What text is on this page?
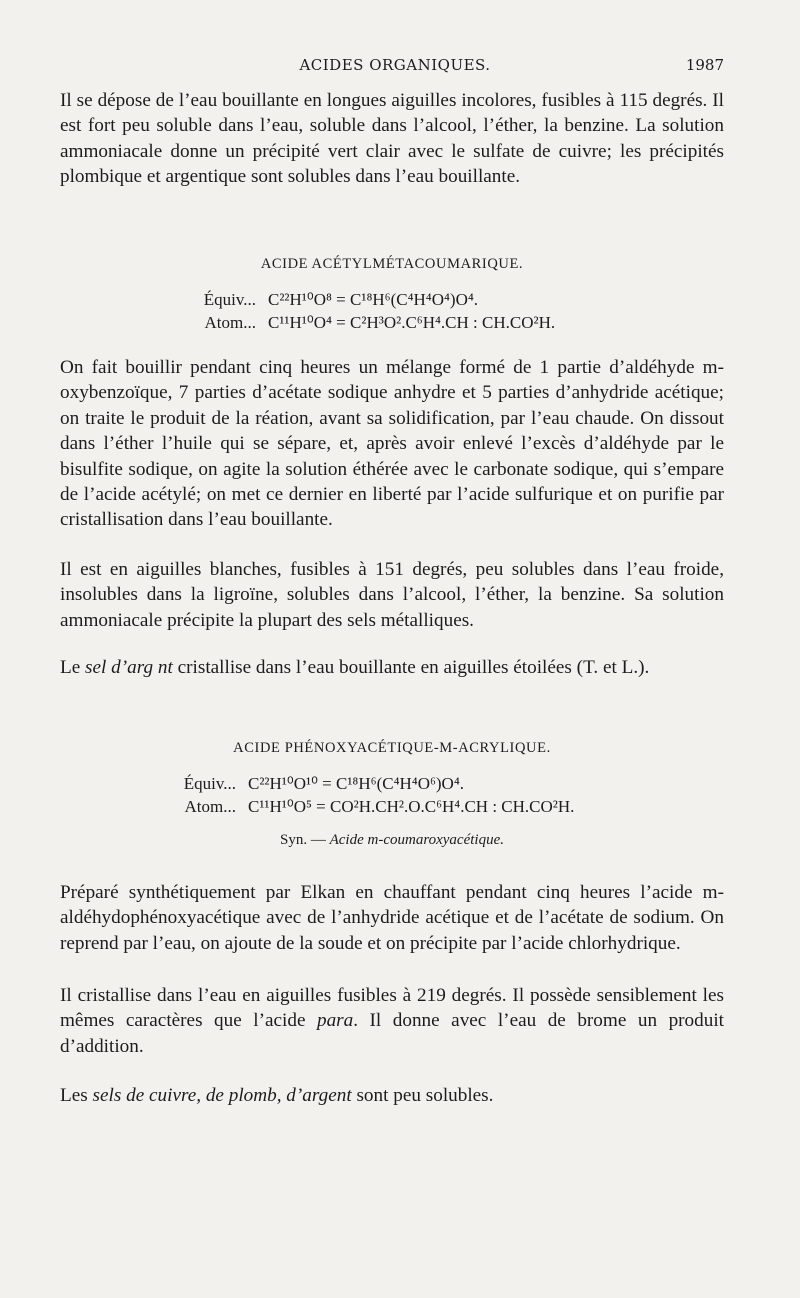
ACIDES ORGANIQUES.	1987
Il se dépose de l’eau bouillante en longues aiguilles incolores, fusibles à 115 degrés. Il est fort peu soluble dans l’eau, soluble dans l’alcool, l’éther, la benzine. La solution ammoniacale donne un précipité vert clair avec le sulfate de cuivre; les précipités plombique et argentique sont solubles dans l’eau bouillante.
ACIDE ACÉTYLMÉTACOUMARIQUE.
Équiv... C²²H¹⁰O⁸ = C¹⁸H⁶(C⁴H⁴O⁴)O⁴.
Atom... C¹¹H¹⁰O⁴ = C²H³O².C⁶H⁴.CH : CH.CO²H.
On fait bouillir pendant cinq heures un mélange formé de 1 partie d’aldéhyde m-oxybenzoïque, 7 parties d’acétate sodique anhydre et 5 parties d’anhydride acétique; on traite le produit de la réation, avant sa solidification, par l’eau chaude. On dissout dans l’éther l’huile qui se sépare, et, après avoir enlevé l’excès d’aldéhyde par le bisulfite sodique, on agite la solution éthérée avec le carbonate sodique, qui s’empare de l’acide acétylé; on met ce dernier en liberté par l’acide sulfurique et on purifie par cristallisation dans l’eau bouillante.
Il est en aiguilles blanches, fusibles à 151 degrés, peu solubles dans l’eau froide, insolubles dans la ligroïne, solubles dans l’alcool, l’éther, la benzine. Sa solution ammoniacale précipite la plupart des sels métalliques.
Le sel d’arg nt cristallise dans l’eau bouillante en aiguilles étoilées (T. et L.).
ACIDE PHÉNOXYACÉTIQUE-M-ACRYLIQUE.
Équiv... C²²H¹⁰O¹⁰ = C¹⁸H⁶(C⁴H⁴O⁶)O⁴.
Atom... C¹¹H¹⁰O⁵ = CO²H.CH².O.C⁶H⁴.CH : CH.CO²H.
Syn. — Acide m-coumaroxyacétique.
Préparé synthétiquement par Elkan en chauffant pendant cinq heures l’acide m-aldéhydophénoxyacétique avec de l’anhydride acétique et de l’acétate de sodium. On reprend par l’eau, on ajoute de la soude et on précipite par l’acide chlorhydrique.
Il cristallise dans l’eau en aiguilles fusibles à 219 degrés. Il possède sensiblement les mêmes caractères que l’acide para. Il donne avec l’eau de brome un produit d’addition.
Les sels de cuivre, de plomb, d’argent sont peu solubles.
